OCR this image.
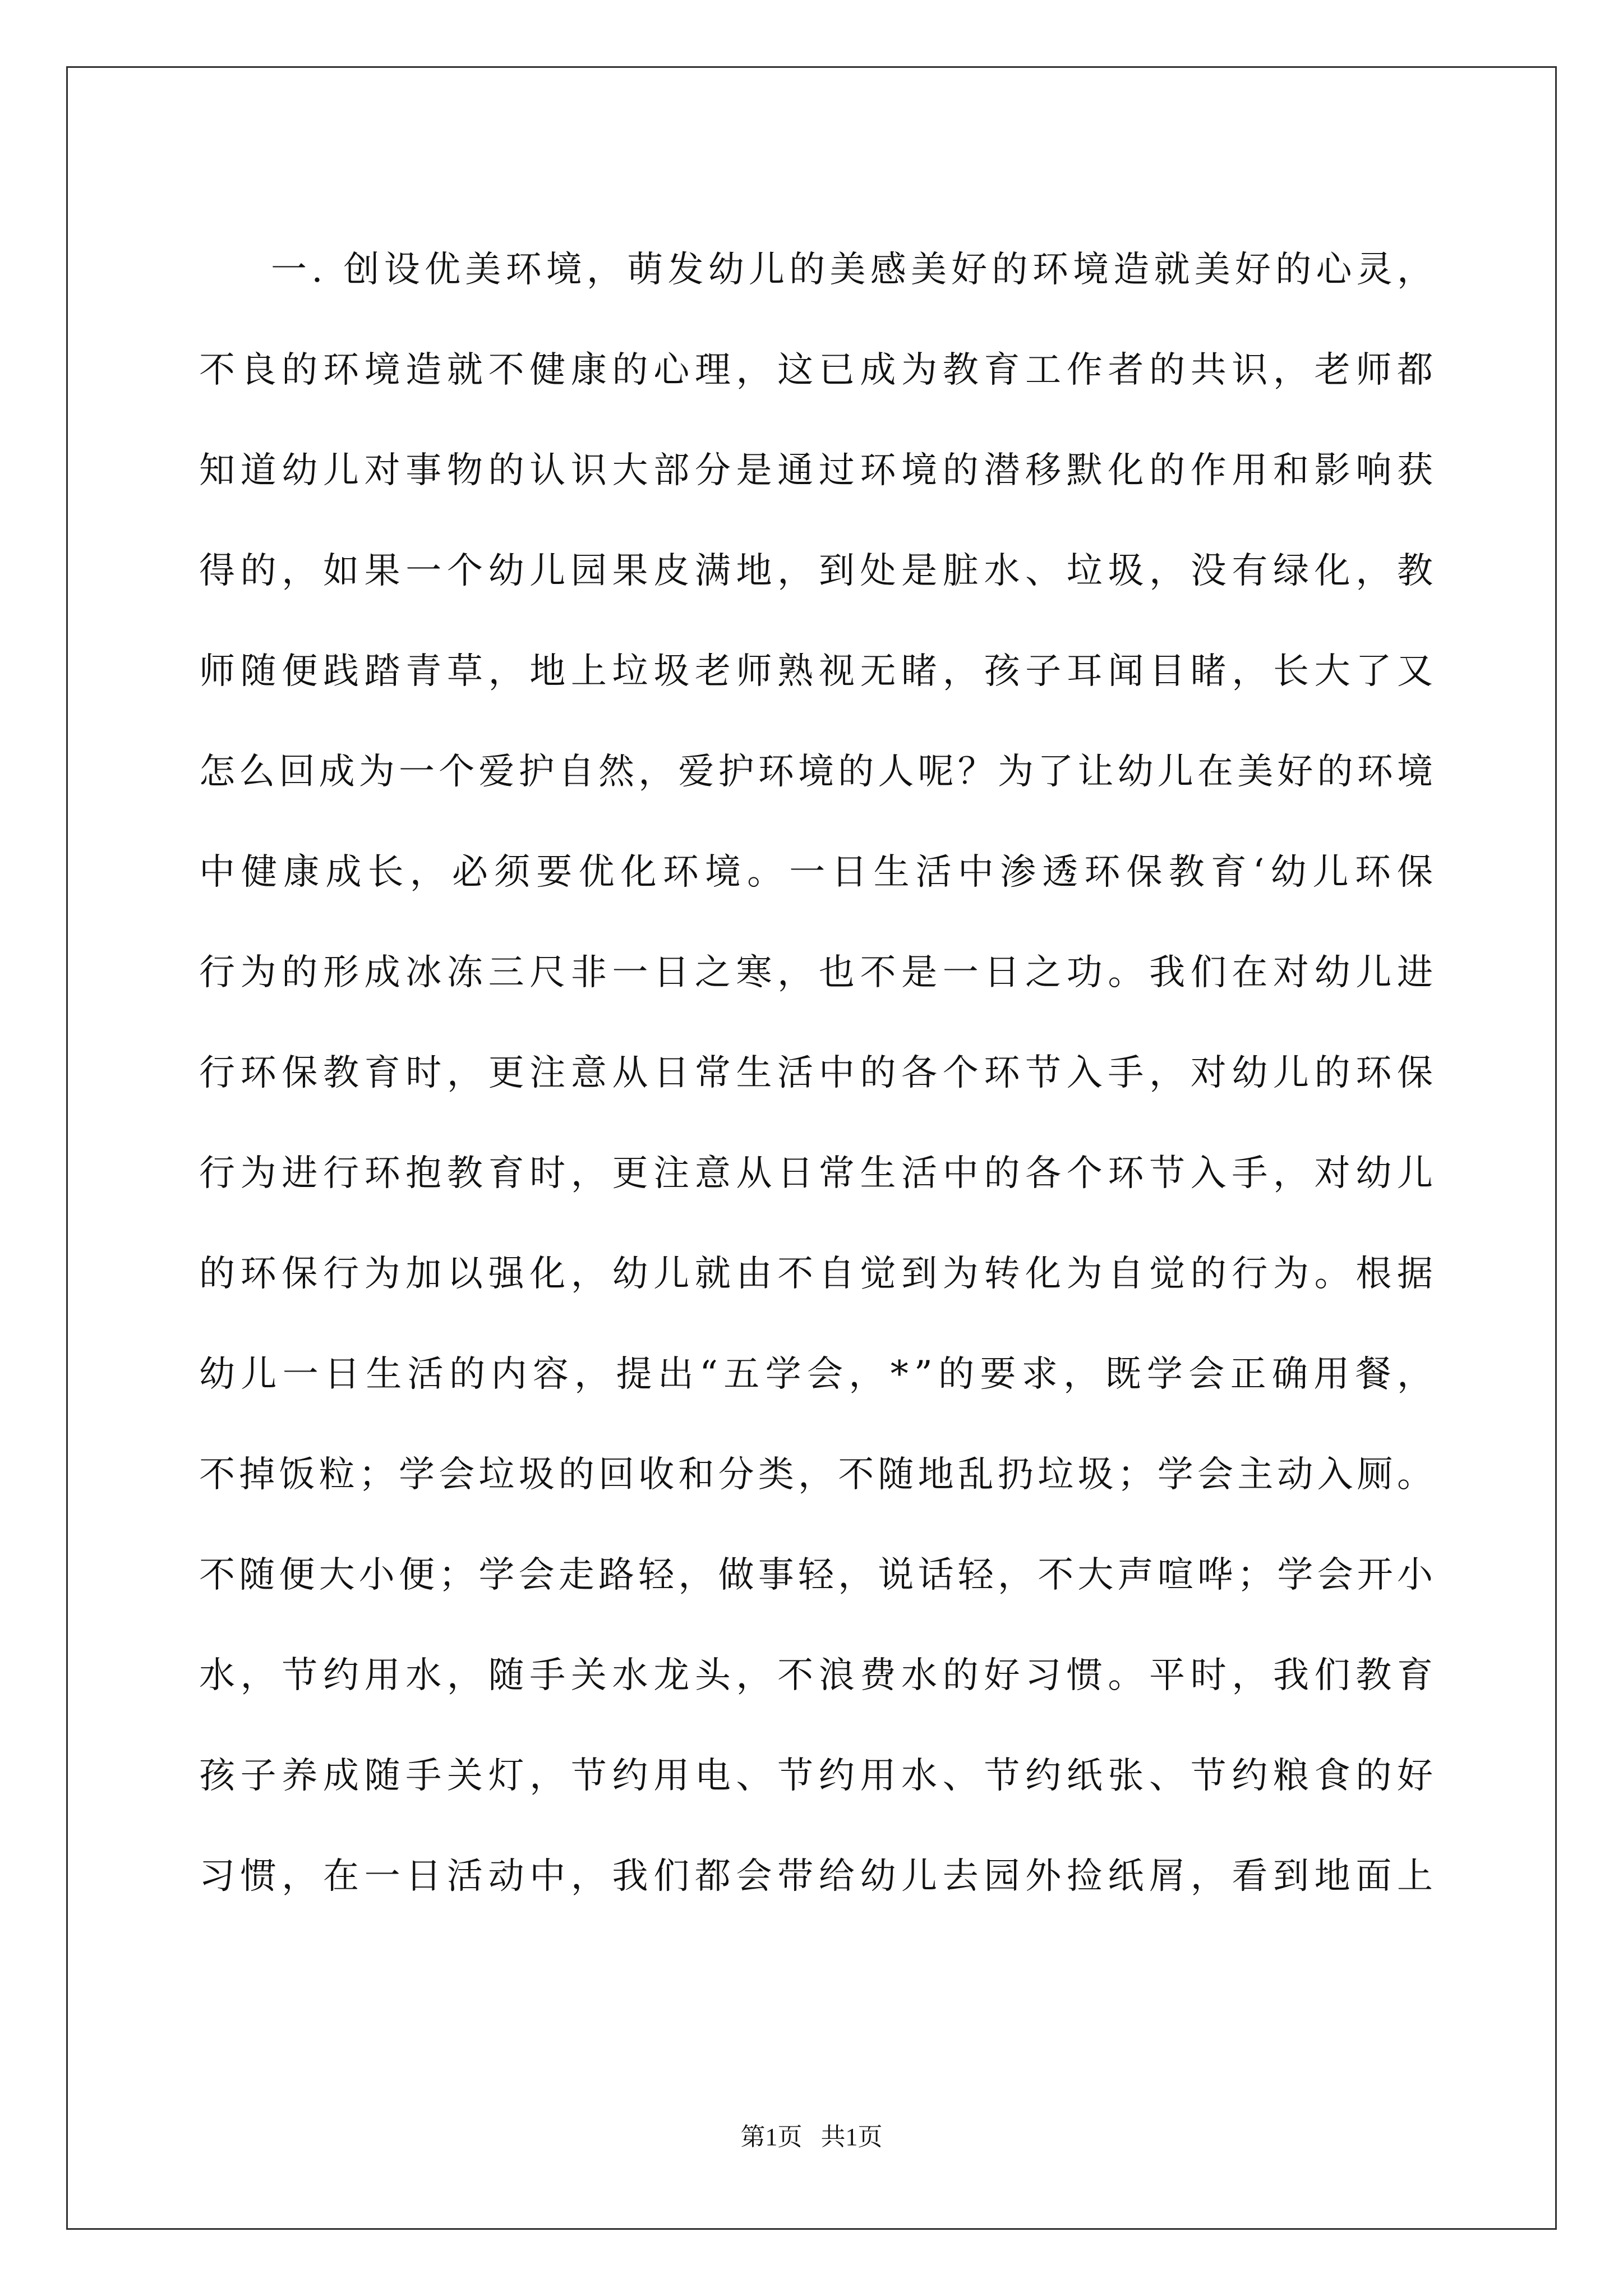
一. 创设优美环境，萌发幼儿的美感美好的环境造就美好的心灵，
不良的环境造就不健康的心理，这已成为教育工作者的共识，老师都
知道幼儿对事物的认识大部分是通过环境的潜移默化的作用和影响获
得的，如果一个幼儿园果皮满地，到处是脏水、垃圾，没有绿化，教
师随便践踏青草，地上垃圾老师熟视无睹，孩子耳闻目睹，长大了又
怎么回成为一个爱护自然，爱护环境的人呢？为了让幼儿在美好的环境
中健康成长，必须要优化环境。一日生活中渗透环保教育‘幼儿环保
行为的形成冰冻三尺非一日之寒，也不是一日之功。我们在对幼儿进
行环保教育时，更注意从日常生活中的各个环节入手，对幼儿的环保
行为进行环抱教育时，更注意从日常生活中的各个环节入手，对幼儿
的环保行为加以强化，幼儿就由不自觉到为转化为自觉的行为。根据
幼儿一日生活的内容，提出“五学会，*”的要求，既学会正确用餐，
不掉饭粒；学会垃圾的回收和分类，不随地乱扔垃圾；学会主动入厕。
不随便大小便；学会走路轻，做事轻，说话轻，不大声喧哗；学会开小
水，节约用水，随手关水龙头，不浪费水的好习惯。平时，我们教育
孩子养成随手关灯，节约用电、节约用水、节约纸张、节约粮食的好
习惯，在一日活动中，我们都会带给幼儿去园外捡纸屑，看到地面上
第1页   共1页
